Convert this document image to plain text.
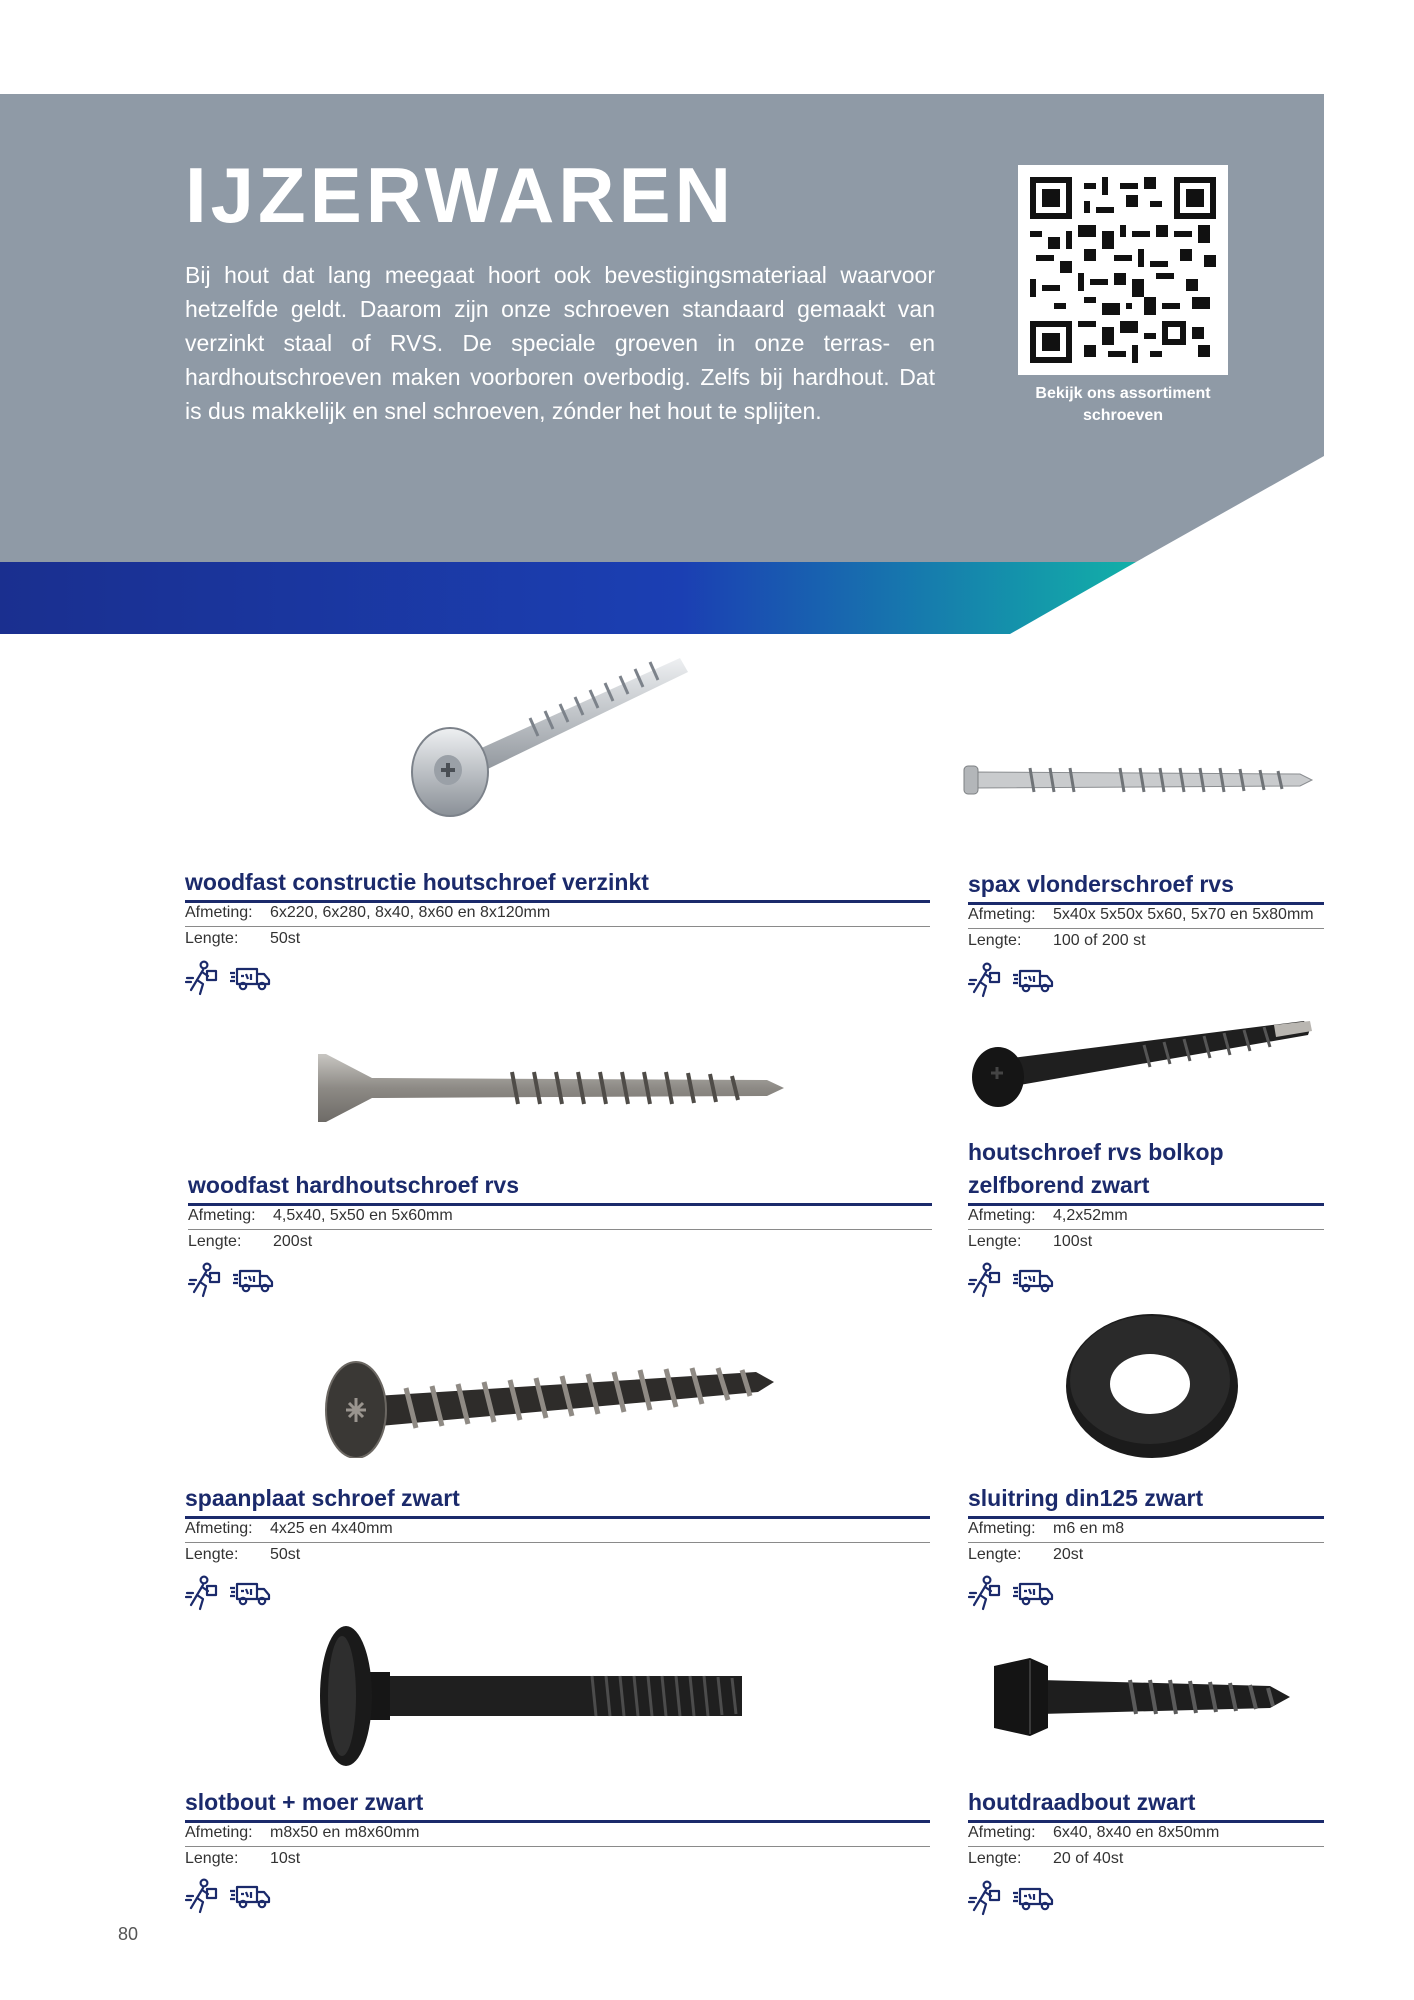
IJZERWAREN
Bij hout dat lang meegaat hoort ook bevestigingsmateriaal waarvoor hetzelfde geldt. Daarom zijn onze schroeven standaard gemaakt van verzinkt staal of RVS. De speciale groeven in onze terras- en hardhoutschroeven maken voorboren overbodig. Zelfs bij hardhout. Dat is dus makkelijk en snel schroeven, zónder het hout te splijten.
Bekijk ons assortiment
schroeven
woodfast constructie houtschroef verzinkt
Afmeting: 6x220, 6x280, 8x40, 8x60 en 8x120mm
Lengte: 50st
spax vlonderschroef rvs
Afmeting: 5x40x 5x50x 5x60, 5x70 en 5x80mm
Lengte: 100 of 200 st
woodfast hardhoutschroef rvs
Afmeting: 4,5x40, 5x50 en 5x60mm
Lengte: 200st
houtschroef rvs bolkop
zelfborend zwart
Afmeting: 4,2x52mm
Lengte: 100st
spaanplaat schroef zwart
Afmeting: 4x25 en 4x40mm
Lengte: 50st
sluitring din125 zwart
Afmeting: m6 en m8
Lengte: 20st
slotbout + moer zwart
Afmeting: m8x50 en m8x60mm
Lengte: 10st
houtdraadbout zwart
Afmeting: 6x40, 8x40 en 8x50mm
Lengte: 20 of 40st
80
